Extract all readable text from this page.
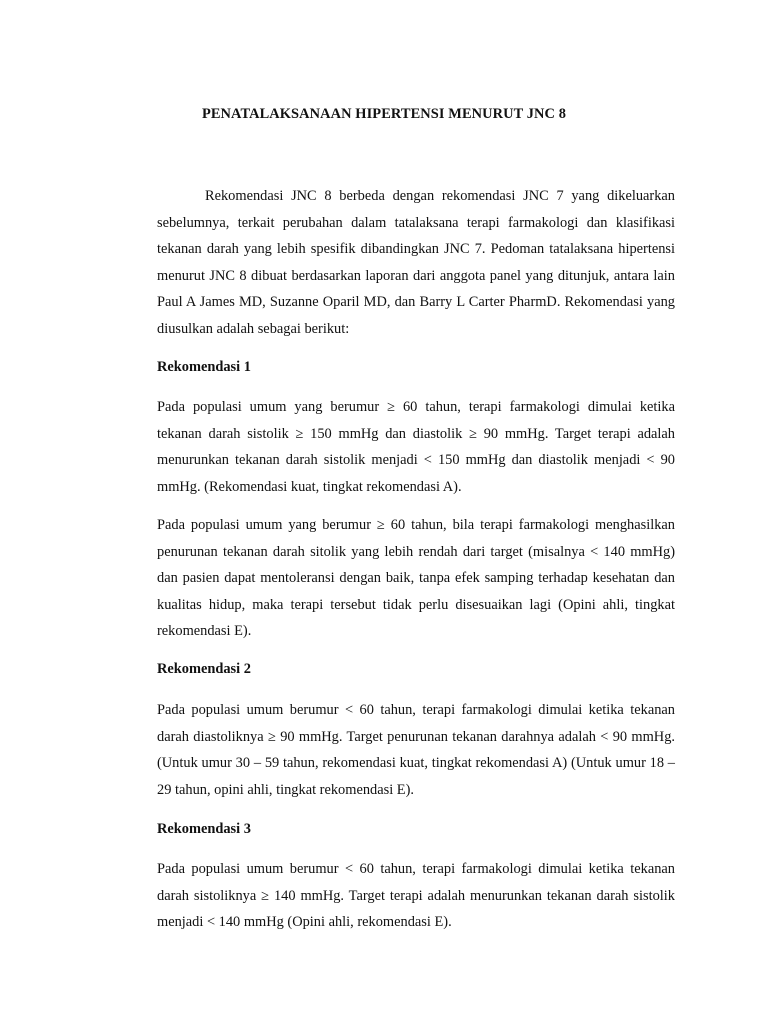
PENATALAKSANAAN HIPERTENSI MENURUT JNC 8

Rekomendasi JNC 8 berbeda dengan rekomendasi JNC 7 yang dikeluarkan sebelumnya, terkait perubahan dalam tatalaksana terapi farmakologi dan klasifikasi tekanan darah yang lebih spesifik dibandingkan JNC 7. Pedoman tatalaksana hipertensi menurut JNC 8 dibuat berdasarkan laporan dari anggota panel yang ditunjuk, antara lain Paul A James MD, Suzanne Oparil MD, dan Barry L Carter PharmD. Rekomendasi yang diusulkan adalah sebagai berikut:

Rekomendasi 1

Pada populasi umum yang berumur ≥ 60 tahun, terapi farmakologi dimulai ketika tekanan darah sistolik ≥ 150 mmHg dan diastolik ≥ 90 mmHg. Target terapi adalah menurunkan tekanan darah sistolik menjadi < 150 mmHg dan diastolik menjadi < 90 mmHg. (Rekomendasi kuat, tingkat rekomendasi A).

Pada populasi umum yang berumur ≥ 60 tahun, bila terapi farmakologi menghasilkan penurunan tekanan darah sitolik yang lebih rendah dari target (misalnya < 140 mmHg) dan pasien dapat mentoleransi dengan baik, tanpa efek samping terhadap kesehatan dan kualitas hidup, maka terapi tersebut tidak perlu disesuaikan lagi (Opini ahli, tingkat rekomendasi E).

Rekomendasi 2

Pada populasi umum berumur < 60 tahun, terapi farmakologi dimulai ketika tekanan darah diastoliknya ≥ 90 mmHg. Target penurunan tekanan darahnya adalah < 90 mmHg. (Untuk umur 30 – 59 tahun, rekomendasi kuat, tingkat rekomendasi A) (Untuk umur 18 – 29 tahun, opini ahli, tingkat rekomendasi E).

Rekomendasi 3

Pada populasi umum berumur < 60 tahun, terapi farmakologi dimulai ketika tekanan darah sistoliknya ≥ 140 mmHg. Target terapi adalah menurunkan tekanan darah sistolik menjadi < 140 mmHg (Opini ahli, rekomendasi E).
